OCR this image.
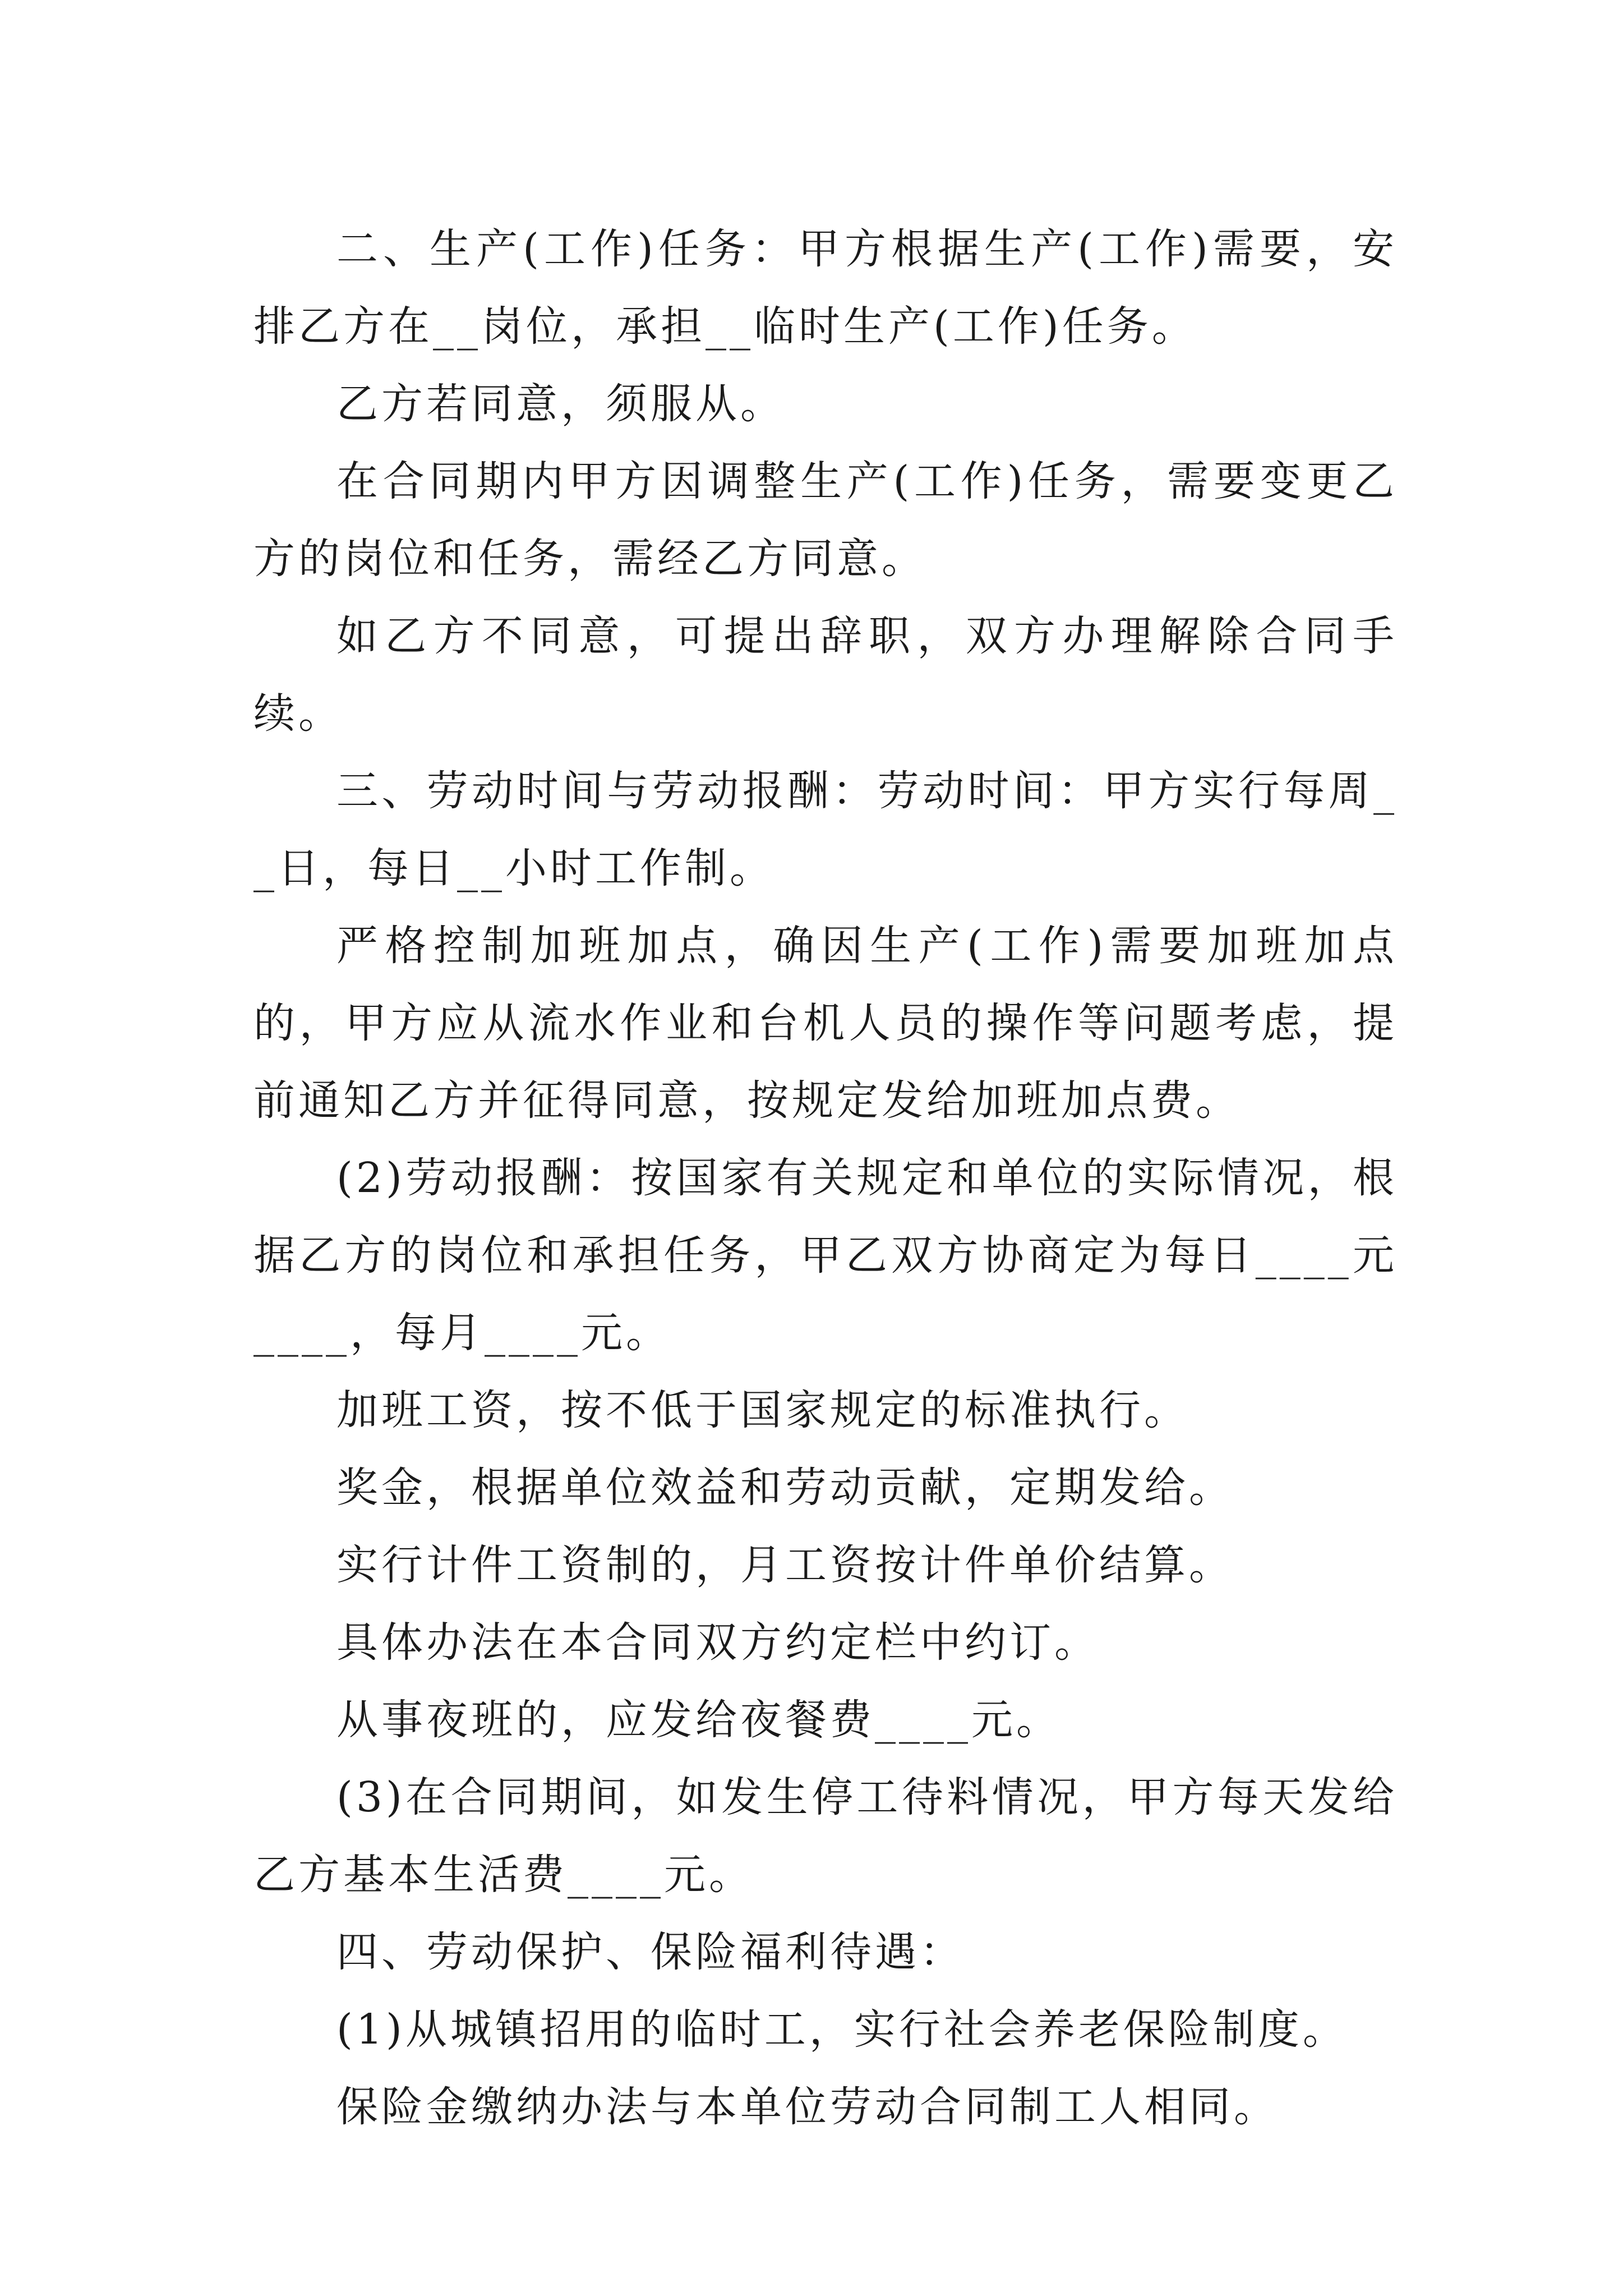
二、生产(工作)任务：甲方根据生产(工作)需要，安排乙方在__岗位，承担__临时生产(工作)任务。

乙方若同意，须服从。

在合同期内甲方因调整生产(工作)任务，需要变更乙方的岗位和任务，需经乙方同意。

如乙方不同意，可提出辞职，双方办理解除合同手续。

三、劳动时间与劳动报酬：劳动时间：甲方实行每周__日，每日__小时工作制。

严格控制加班加点，确因生产(工作)需要加班加点的，甲方应从流水作业和台机人员的操作等问题考虑，提前通知乙方并征得同意，按规定发给加班加点费。

(2)劳动报酬：按国家有关规定和单位的实际情况，根据乙方的岗位和承担任务，甲乙双方协商定为每日____元____，每月____元。

加班工资，按不低于国家规定的标准执行。

奖金，根据单位效益和劳动贡献，定期发给。

实行计件工资制的，月工资按计件单价结算。

具体办法在本合同双方约定栏中约订。

从事夜班的，应发给夜餐费____元。

(3)在合同期间，如发生停工待料情况，甲方每天发给乙方基本生活费____元。

四、劳动保护、保险福利待遇：

(1)从城镇招用的临时工，实行社会养老保险制度。

保险金缴纳办法与本单位劳动合同制工人相同。
